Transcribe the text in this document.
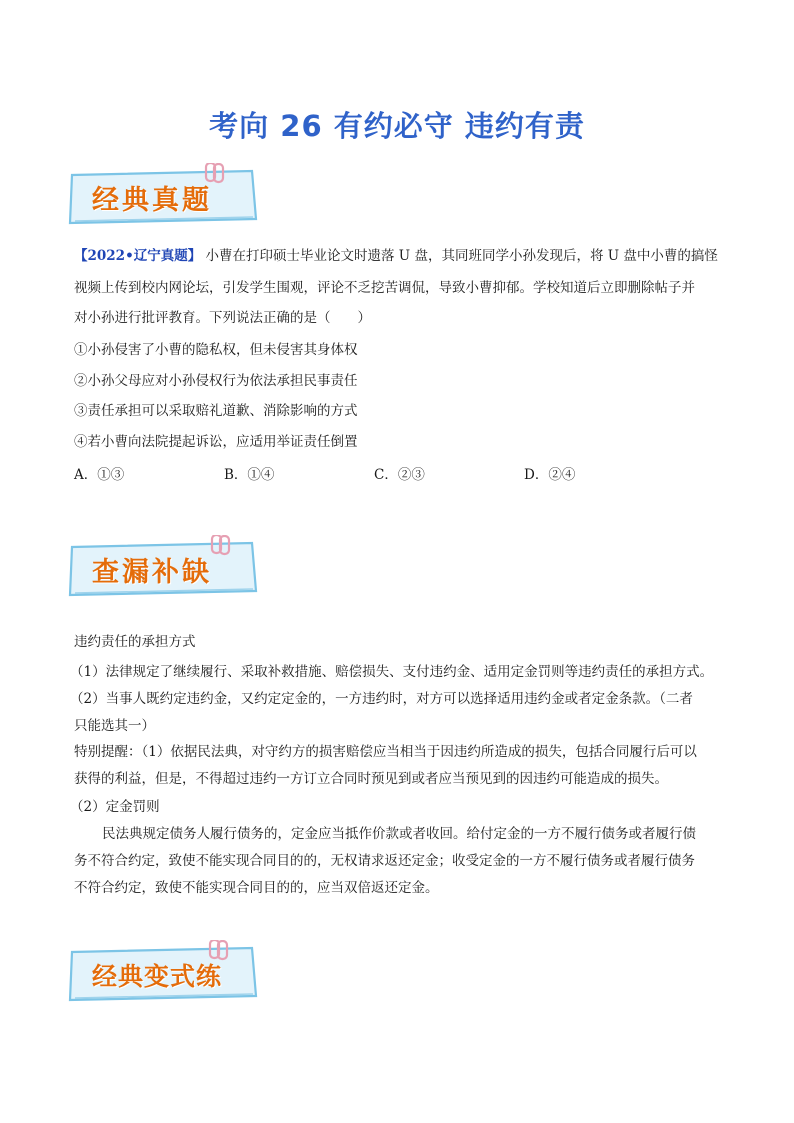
考向 26 有约必守 违约有责
经典真题
【2022•辽宁真题】 小曹在打印硕士毕业论文时遗落 U 盘，其同班同学小孙发现后，将 U 盘中小曹的搞怪
视频上传到校内网论坛，引发学生围观，评论不乏挖苦调侃，导致小曹抑郁。学校知道后立即删除帖子并
对小孙进行批评教育。下列说法正确的是（　　）
①小孙侵害了小曹的隐私权，但未侵害其身体权
②小孙父母应对小孙侵权行为依法承担民事责任
③责任承担可以采取赔礼道歉、消除影响的方式
④若小曹向法院提起诉讼，应适用举证责任倒置
A．①③	B．①④	C．②③	D．②④
查漏补缺
违约责任的承担方式
（1）法律规定了继续履行、采取补救措施、赔偿损失、支付违约金、适用定金罚则等违约责任的承担方式。
（2）当事人既约定违约金，又约定定金的，一方违约时，对方可以选择适用违约金或者定金条款。（二者
只能选其一）
特别提醒：（1）依据民法典，对守约方的损害赔偿应当相当于因违约所造成的损失，包括合同履行后可以
获得的利益，但是，不得超过违约一方订立合同时预见到或者应当预见到的因违约可能造成的损失。
（2）定金罚则
民法典规定债务人履行债务的，定金应当抵作价款或者收回。给付定金的一方不履行债务或者履行债
务不符合约定，致使不能实现合同目的的，无权请求返还定金；收受定金的一方不履行债务或者履行债务
不符合约定，致使不能实现合同目的的，应当双倍返还定金。
经典变式练
